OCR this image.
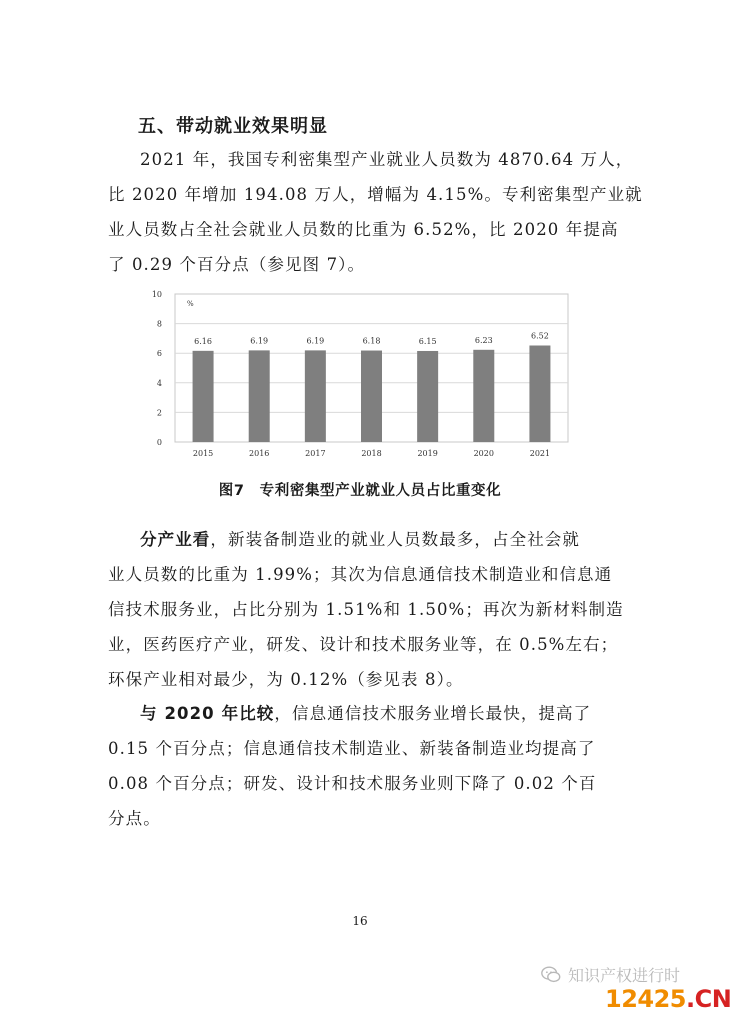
五、带动就业效果明显
2021 年，我国专利密集型产业就业人员数为 4870.64 万人，
比 2020 年增加 194.08 万人，增幅为 4.15%。专利密集型产业就
业人员数占全社会就业人员数的比重为 6.52%，比 2020 年提高
了 0.29 个百分点（参见图 7）。
0
2
4
6
8
10
%
6.16
2015
6.19
2016
6.19
2017
6.18
2018
6.15
2019
6.23
2020
6.52
2021
图7　专利密集型产业就业人员占比重变化
分产业看，新装备制造业的就业人员数最多，占全社会就
业人员数的比重为 1.99%；其次为信息通信技术制造业和信息通
信技术服务业，占比分别为 1.51%和 1.50%；再次为新材料制造
业，医药医疗产业，研发、设计和技术服务业等，在 0.5%左右；
环保产业相对最少，为 0.12%（参见表 8）。
与 2020 年比较，信息通信技术服务业增长最快，提高了
0.15 个百分点；信息通信技术制造业、新装备制造业均提高了
0.08 个百分点；研发、设计和技术服务业则下降了 0.02 个百
分点。
16
知识产权进行时
12425.CN
